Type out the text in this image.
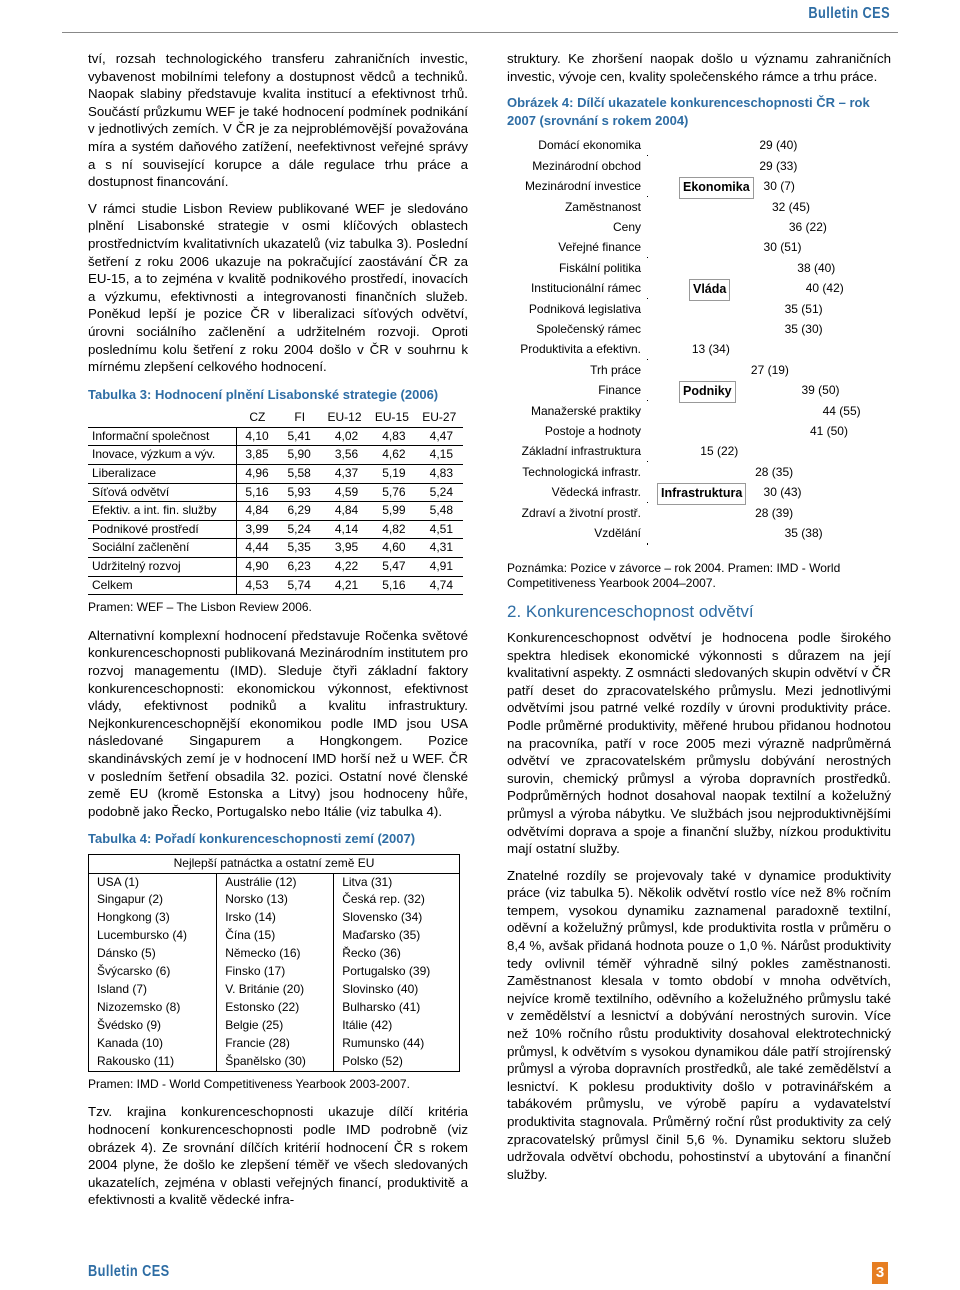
Bulletin CES

tví, rozsah technologického transferu zahraničních investic, vybavenost mobilními telefony a dostupnost vědců a techniků. Naopak slabiny představuje kvalita institucí a efektivnost trhů. Součástí průzkumu WEF je také hodnocení podmínek podnikání v jednotlivých zemích. V ČR je za nejproblémovější považována míra a systém daňového zatížení, neefektivnost veřejné správy a s ní související korupce a dále regulace trhu práce a dostupnost financování.

V rámci studie Lisbon Review publikované WEF je sledováno plnění Lisabonské strategie v osmi klíčových oblastech prostřednictvím kvalitativních ukazatelů (viz tabulka 3). Poslední šetření z roku 2006 ukazuje na pokračující zaostávání ČR za EU-15, a to zejména v kvalitě podnikového prostředí, inovacích a výzkumu, efektivnosti a integrovanosti finančních služeb. Poněkud lepší je pozice ČR v liberalizaci síťových odvětví, úrovni sociálního začlenění a udržitelném rozvoji. Oproti poslednímu kolu šetření z roku 2004 došlo v ČR v souhrnu k mírnému zlepšení celkového hodnocení.

Tabulka 3: Hodnocení plnění Lisabonské strategie (2006)
	CZ	FI	EU-12	EU-15	EU-27
Informační společnost	4,10	5,41	4,02	4,83	4,47
Inovace, výzkum a výv.	3,85	5,90	3,56	4,62	4,15
Liberalizace	4,96	5,58	4,37	5,19	4,83
Síťová odvětví	5,16	5,93	4,59	5,76	5,24
Efektiv. a int. fin. služby	4,84	6,29	4,84	5,99	5,48
Podnikové prostředí	3,99	5,24	4,14	4,82	4,51
Sociální začlenění	4,44	5,35	3,95	4,60	4,31
Udržitelný rozvoj	4,90	6,23	4,22	5,47	4,91
Celkem	4,53	5,74	4,21	5,16	4,74
Pramen: WEF – The Lisbon Review 2006.

Alternativní komplexní hodnocení představuje Ročenka světové konkurenceschopnosti publikovaná Mezinárodním institutem pro rozvoj managementu (IMD). Sleduje čtyři základní faktory konkurenceschopnosti: ekonomickou výkonnost, efektivnost vlády, efektivnost podniků a kvalitu infrastruktury. Nejkonkurenceschopnější ekonomikou podle IMD jsou USA následované Singapurem a Hongkongem. Pozice skandinávských zemí je v hodnocení IMD horší než u WEF. ČR v posledním šetření obsadila 32. pozici. Ostatní nové členské země EU (kromě Estonska a Litvy) jsou hodnoceny hůře, podobně jako Řecko, Portugalsko nebo Itálie (viz tabulka 4).

Tabulka 4: Pořadí konkurenceschopnosti zemí (2007)
Nejlepší patnáctka a ostatní země EU		
USA (1)	Austrálie (12)	Litva (31)
Singapur (2)	Norsko (13)	Česká rep. (32)
Hongkong (3)	Irsko (14)	Slovensko (34)
Lucembursko (4)	Čína (15)	Maďarsko (35)
Dánsko (5)	Německo (16)	Řecko (36)
Švýcarsko (6)	Finsko (17)	Portugalsko (39)
Island (7)	V. Británie (20)	Slovinsko (40)
Nizozemsko (8)	Estonsko (22)	Bulharsko (41)
Švédsko (9)	Belgie (25)	Itálie (42)
Kanada (10)	Francie (28)	Rumunsko (44)
Rakousko (11)	Španělsko (30)	Polsko (52)
Pramen: IMD - World Competitiveness Yearbook 2003-2007.

Tzv. krajina konkurenceschopnosti ukazuje dílčí kritéria hodnocení konkurenceschopnosti podle IMD podrobně (viz obrázek 4). Ze srovnání dílčích kritérií hodnocení ČR s rokem 2004 plyne, že došlo ke zlepšení téměř ve všech sledovaných ukazatelích, zejména v oblasti veřejných financí, produktivitě a efektivnosti a kvalitě vědecké infra-

struktury. Ke zhoršení naopak došlo u významu zahraničních investic, vývoje cen, kvality společenského rámce a trhu práce.

Obrázek 4: Dílčí ukazatele konkurenceschopnosti ČR – rok 2007 (srovnání s rokem 2004)
Domácí ekonomika	29 (40)
Mezinárodní obchod	29 (33)
Mezinárodní investice	30 (7)
Zaměstnanost	32 (45)
Ceny	36 (22)
Veřejné finance	30 (51)
Fiskální politika	38 (40)
Institucionální rámec	40 (42)
Podniková legislativa	35 (51)
Společenský rámec	35 (30)
Produktivita a efektivn.	13 (34)
Trh práce	27 (19)
Finance	39 (50)
Manažerské praktiky	44 (55)
Postoje a hodnoty	41 (50)
Základní infrastruktura	15 (22)
Technologická infrastr.	28 (35)
Vědecká infrastr.	30 (43)
Zdraví a životní prostř.	28 (39)
Vzdělání	35 (38)
Ekonomika
Vláda
Podniky
Infrastruktura
Poznámka: Pozice v závorce – rok 2004. Pramen: IMD - World Competitiveness Yearbook 2004–2007.
2. Konkurenceschopnost odvětví

Konkurenceschopnost odvětví je hodnocena podle širokého spektra hledisek ekonomické výkonnosti s důrazem na její kvalitativní aspekty. Z osmnácti sledovaných skupin odvětví v ČR patří deset do zpracovatelského průmyslu. Mezi jednotlivými odvětvími jsou patrné velké rozdíly v úrovni produktivity práce. Podle průměrné produktivity, měřené hrubou přidanou hodnotou na pracovníka, patří v roce 2005 mezi výrazně nadprůměrná odvětví ve zpracovatelském průmyslu dobývání nerostných surovin, chemický průmysl a výroba dopravních prostředků. Podprůměrných hodnot dosahoval naopak textilní a koželužný průmysl a výroba nábytku. Ve službách jsou nejproduktivnějšími odvětvími doprava a spoje a finanční služby, nízkou produktivitu mají ostatní služby.

Znatelné rozdíly se projevovaly také v dynamice produktivity práce (viz tabulka 5). Několik odvětví rostlo více než 8% ročním tempem, vysokou dynamiku zaznamenal paradoxně textilní, oděvní a koželužný průmysl, kde produktivita rostla v průměru o 8,4 %, avšak přidaná hodnota pouze o 1,0 %. Nárůst produktivity tedy ovlivnil téměř výhradně silný pokles zaměstnanosti. Zaměstnanost klesala v tomto období v mnoha odvětvích, nejvíce kromě textilního, oděvního a koželužného průmyslu také v zemědělství a lesnictví a dobývání nerostných surovin. Více než 10% ročního růstu produktivity dosahoval elektrotechnický průmysl, k odvětvím s vysokou dynamikou dále patří strojírenský průmysl a výroba dopravních prostředků, ale také zemědělství a lesnictví. K poklesu produktivity došlo v potravinářském a tabákovém průmyslu, ve výrobě papíru a vydavatelství produktivita stagnovala. Průměrný roční růst produktivity za celý zpracovatelský průmysl činil 5,6 %. Dynamiku sektoru služeb udržovala odvětví obchodu, pohostinství a ubytování a finanční služby.

Bulletin CES	3
